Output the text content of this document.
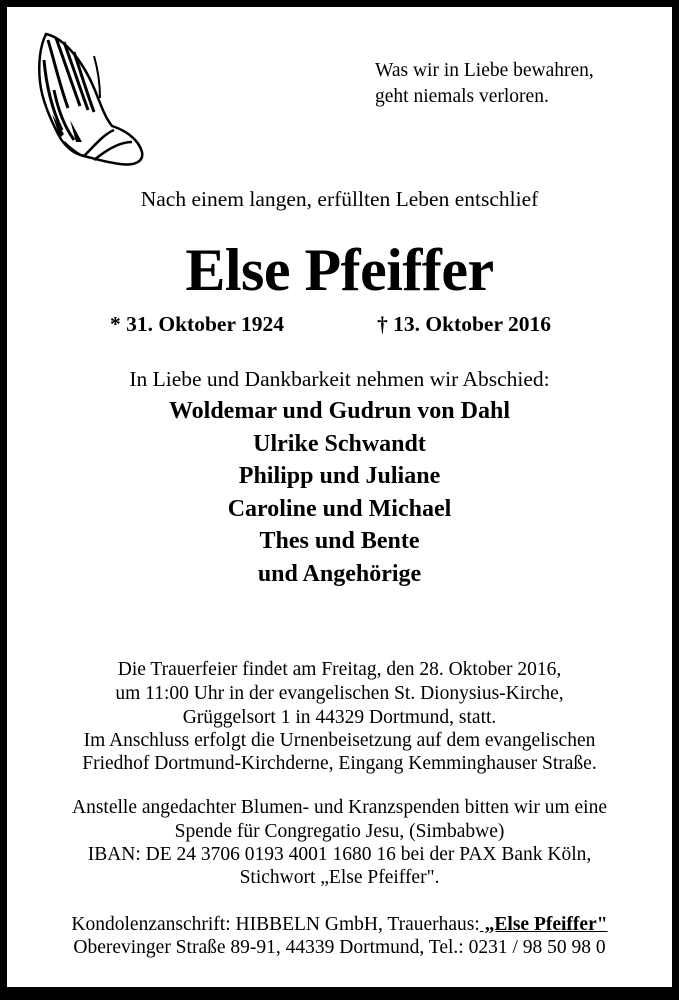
Was wir in Liebe bewahren,
geht niemals verloren.
Nach einem langen, erfüllten Leben entschlief
Else Pfeiffer
* 31. Oktober 1924	† 13. Oktober 2016
In Liebe und Dankbarkeit nehmen wir Abschied:
Woldemar und Gudrun von Dahl
Ulrike Schwandt
Philipp und Juliane
Caroline und Michael
Thes und Bente
und Angehörige
Die Trauerfeier findet am Freitag, den 28. Oktober 2016,
um 11:00 Uhr in der evangelischen St. Dionysius-Kirche,
Grüggelsort 1 in 44329 Dortmund, statt.
Im Anschluss erfolgt die Urnenbeisetzung auf dem evangelischen
Friedhof Dortmund-Kirchderne, Eingang Kemminghauser Straße.
Anstelle angedachter Blumen- und Kranzspenden bitten wir um eine
Spende für Congregatio Jesu, (Simbabwe)
IBAN: DE 24 3706 0193 4001 1680 16 bei der PAX Bank Köln,
Stichwort „Else Pfeiffer".
Kondolenzanschrift: HIBBELN GmbH, Trauerhaus: „Else Pfeiffer"
Oberevinger Straße 89-91, 44339 Dortmund, Tel.: 0231 / 98 50 98 0
